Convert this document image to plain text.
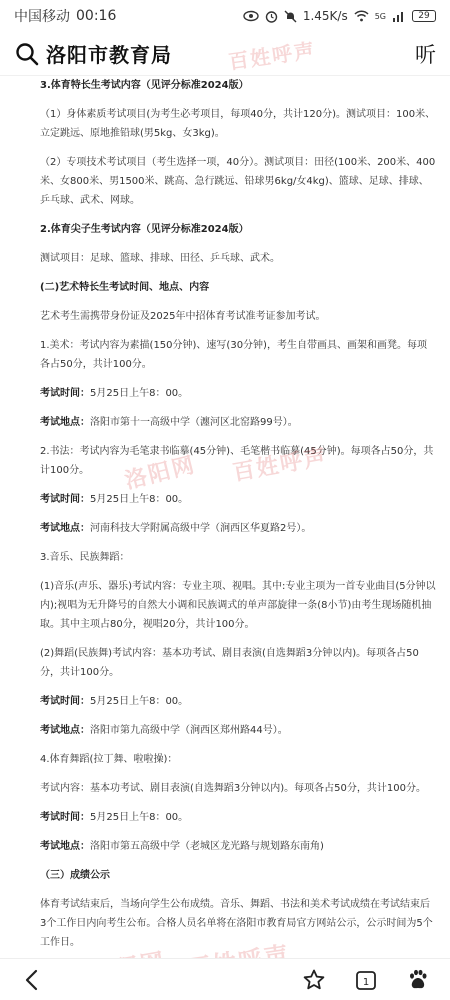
中国移动 00:16	1.45K/s	5G	29
洛阳市教育局	听
百姓呼声

3.体育特长生考试内容（见评分标准2024版）

（1）身体素质考试项目(为考生必考项目，每项40分，共计120分)。测试项目：100米、立定跳远、原地推铅球(男5kg、女3kg)。

（2）专项技术考试项目（考生选择一项，40分）。测试项目：田径(100米、200米、400米、女800米、男1500米、跳高、急行跳远、铅球男6kg/女4kg)、篮球、足球、排球、乒乓球、武术、网球。

2.体育尖子生考试内容（见评分标准2024版）

测试项目：足球、篮球、排球、田径、乒乓球、武术。

(二)艺术特长生考试时间、地点、内容

艺术考生需携带身份证及2025年中招体育考试准考证参加考试。

1.美术：考试内容为素描(150分钟)、速写(30分钟)，考生自带画具、画架和画凳。每项各占50分，共计100分。

考试时间：5月25日上午8：00。

考试地点：洛阳市第十一高级中学（瀍河区北窑路99号）。

2.书法：考试内容为毛笔隶书临摹(45分钟)、毛笔楷书临摹(45分钟)。每项各占50分，共计100分。

考试时间：5月25日上午8：00。

考试地点：河南科技大学附属高级中学（涧西区华夏路2号）。

3.音乐、民族舞蹈：

(1)音乐(声乐、器乐)考试内容：专业主项、视唱。其中:专业主项为一首专业曲目(5分钟以内);视唱为无升降号的自然大小调和民族调式的单声部旋律一条(8小节)由考生现场随机抽取。其中主项占80分，视唱20分，共计100分。

(2)舞蹈(民族舞)考试内容：基本功考试、剧目表演(自选舞蹈3分钟以内)。每项各占50分，共计100分。

考试时间：5月25日上午8：00。

考试地点：洛阳市第九高级中学（涧西区郑州路44号）。

4.体育舞蹈(拉丁舞、啦啦操)：

考试内容：基本功考试、剧目表演(自选舞蹈3分钟以内)。每项各占50分，共计100分。

考试时间：5月25日上午8：00。

考试地点：洛阳市第五高级中学（老城区龙光路与规划路东南角)

（三）成绩公示

体育考试结束后，当场向学生公布成绩。音乐、舞蹈、书法和美术考试成绩在考试结束后3个工作日内向考生公布。合格人员名单将在洛阳市教育局官方网站公示，公示时间为5个工作日。

洛阳网 百姓呼声
1
